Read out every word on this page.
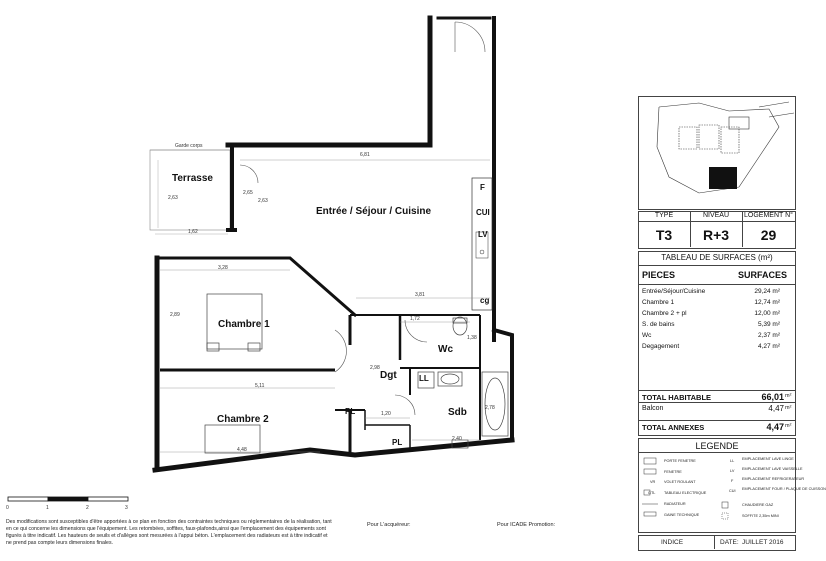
Terrasse
Entrée / Séjour / Cuisine
Chambre 1
Chambre 2
Dgt
Wc
Sdb
LL
PL
PL
F
CUI
LV
cg
6,81
2,63
1,62
3,28
3,81
5,11
4,48
1,72
2,98
1,20
2,40
2,63
2,65
2,89
1,38
2,78
Garde corps
0	1	2	3
TYPE	NIVEAU	LOGEMENT N°
T3	R+3	29
TABLEAU DE SURFACES (m²)
PIECES	SURFACES
Entrée/Séjour/Cuisine	29,24 m²
Chambre 1	12,74 m²
Chambre 2 + pl	12,00 m²
S. de bains	5,39 m²
Wc	2,37 m²
Degagement	4,27 m²
TOTAL HABITABLE	66,01 m²
Balcon	4,47 m²
TOTAL ANNEXES	4,47 m²
LEGENDE
PORTE FENETRE
FENETRE
VR VOLET ROULANT
GTL TABLEAU ELECTRIQUE
RADIATEUR
GAINE TECHNIQUE
LL EMPLACEMENT LAVE LINGE
LV EMPLACEMENT LAVE VAISSELLE
F EMPLACEMENT REFRIGERATEUR
CUI EMPLACEMENT FOUR / PLAQUE DE CUISSON
CHAUDIERE GAZ
SOFFITE 2,35m MINI
Des modifications sont susceptibles d'être apportées à ce plan en fonction des contraintes techniques ou réglementaires de la réalisation, tant en ce qui concerne les dimensions que l'équipement. Les retombées, soffites, faux-plafonds,ainsi que l'emplacement des équipements sont figurés à titre indicatif. Les hauteurs de seuils et d'allèges sont mesurées à l'appui béton. L'emplacement des radiateurs est à titre indicatif et ne prend pas compte leurs dimensions finales.
Pour L'acquéreur:	Pour ICADE Promotion:
INDICE	DATE: JUILLET 2016
